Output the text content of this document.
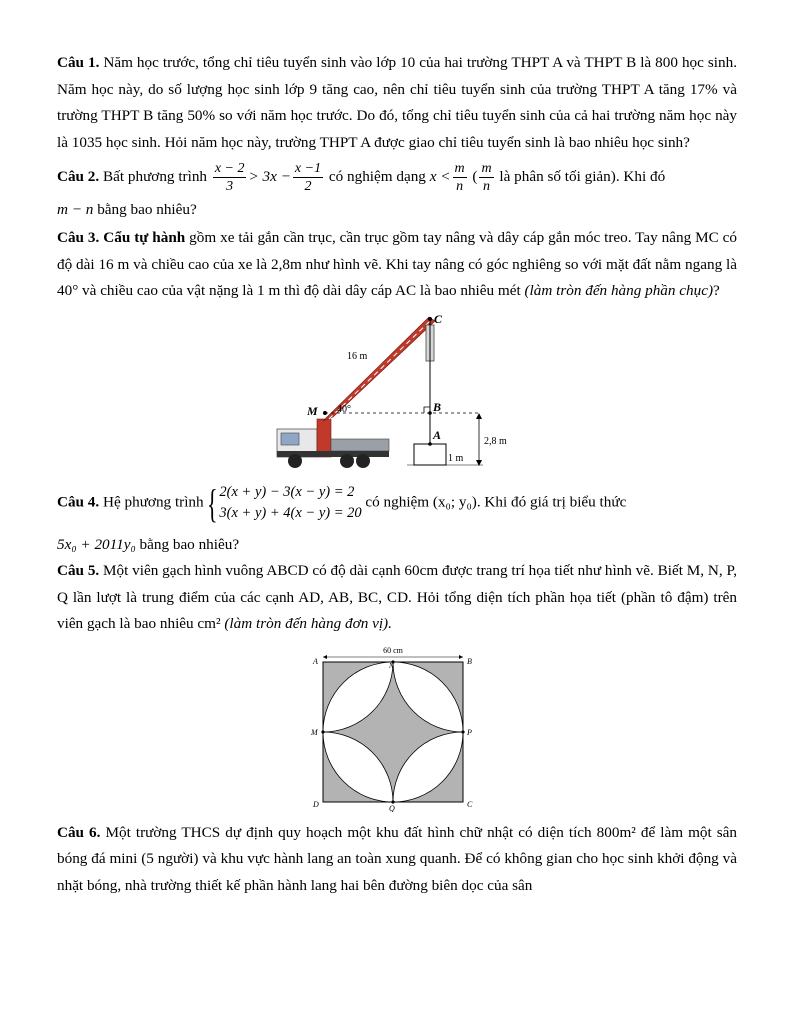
Câu 1. Năm học trước, tổng chỉ tiêu tuyển sinh vào lớp 10 của hai trường THPT A và THPT B là 800 học sinh. Năm học này, do số lượng học sinh lớp 9 tăng cao, nên chỉ tiêu tuyển sinh của trường THPT A tăng 17% và trường THPT B tăng 50% so với năm học trước. Do đó, tổng chỉ tiêu tuyển sinh của cả hai trường năm học này là 1035 học sinh. Hỏi năm học này, trường THPT A được giao chỉ tiêu tuyển sinh là bao nhiêu học sinh?

Câu 2. Bất phương trình $\frac{x - 2}{3} > 3x - \frac{x -1}{2}$ có nghiệm dạng $x < \frac{m}{n}$ ( $\frac{m}{n}$ là phân số tối giản). Khi đó
m − n bằng bao nhiêu?

Câu 3. Cẩu tự hành gồm xe tải gắn cần trục, cần trục gồm tay nâng và dây cáp gắn móc treo. Tay nâng MC có độ dài 16 m và chiều cao của xe là 2,8m như hình vẽ. Khi tay nâng có góc nghiêng so với mặt đất nằm ngang là 40° và chiều cao của vật nặng là 1 m thì độ dài dây cáp AC là bao nhiêu mét (làm tròn đến hàng phần chục)?

C
M	B
A
16 m
40°
2,8 m
1 m

Câu 4. Hệ phương trình { 2(x + y) − 3(x − y) = 2
3(x + y) + 4(x − y) = 20
có nghiệm (x₀; y₀). Khi đó giá trị biểu thức

5x₀ + 2011y₀ bằng bao nhiêu?

Câu 5. Một viên gạch hình vuông ABCD có độ dài cạnh 60cm được trang trí họa tiết như hình vẽ. Biết M, N, P, Q lần lượt là trung điểm của các cạnh AD, AB, BC, CD. Hỏi tổng diện tích phần họa tiết (phần tô đậm) trên viên gạch là bao nhiêu cm² (làm tròn đến hàng đơn vị).

60 cm
A	B
C
D
M
N
P
Q

Câu 6. Một trường THCS dự định quy hoạch một khu đất hình chữ nhật có diện tích 800m² để làm một sân bóng đá mini (5 người) và khu vực hành lang an toàn xung quanh. Để có không gian cho học sinh khởi động và nhặt bóng, nhà trường thiết kế phần hành lang hai bên đường biên dọc của sân
